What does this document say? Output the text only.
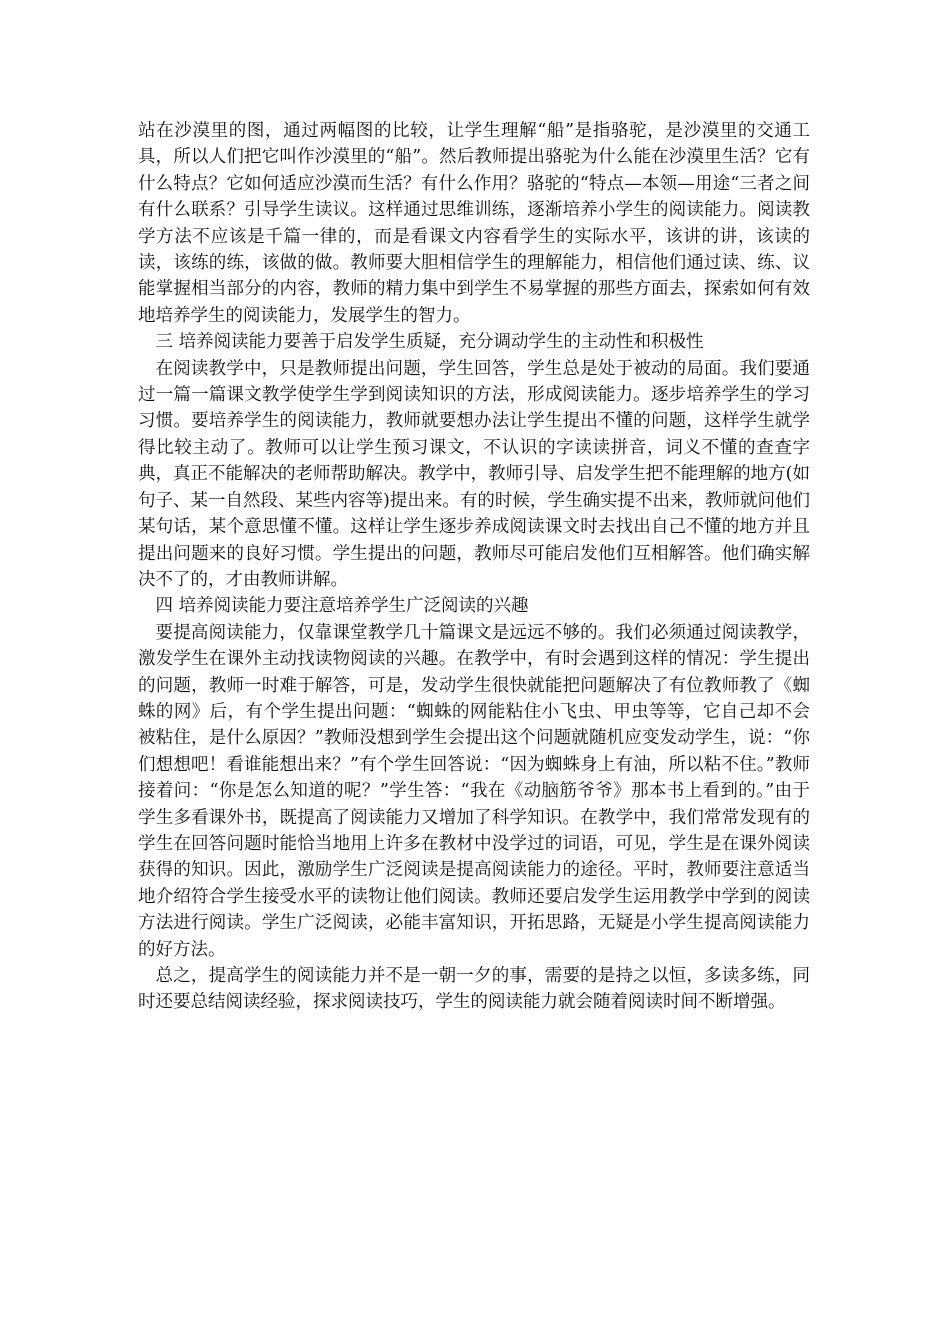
站在沙漠里的图，通过两幅图的比较，让学生理解“船”是指骆驼，是沙漠里的交通工具，所以人们把它叫作沙漠里的“船”。然后教师提出骆驼为什么能在沙漠里生活？它有什么特点？它如何适应沙漠而生活？有什么作用？骆驼的“特点—本领—用途“三者之间有什么联系？引导学生读议。这样通过思维训练，逐渐培养小学生的阅读能力。阅读教学方法不应该是千篇一律的，而是看课文内容看学生的实际水平，该讲的讲，该读的读，该练的练，该做的做。教师要大胆相信学生的理解能力，相信他们通过读、练、议能掌握相当部分的内容，教师的精力集中到学生不易掌握的那些方面去，探索如何有效地培养学生的阅读能力，发展学生的智力。

三 培养阅读能力要善于启发学生质疑，充分调动学生的主动性和积极性

在阅读教学中，只是教师提出问题，学生回答，学生总是处于被动的局面。我们要通过一篇一篇课文教学使学生学到阅读知识的方法，形成阅读能力。逐步培养学生的学习习惯。要培养学生的阅读能力，教师就要想办法让学生提出不懂的问题，这样学生就学得比较主动了。教师可以让学生预习课文，不认识的字读读拼音，词义不懂的查查字典，真正不能解决的老师帮助解决。教学中，教师引导、启发学生把不能理解的地方(如句子、某一自然段、某些内容等)提出来。有的时候，学生确实提不出来，教师就问他们某句话，某个意思懂不懂。这样让学生逐步养成阅读课文时去找出自己不懂的地方并且提出问题来的良好习惯。学生提出的问题，教师尽可能启发他们互相解答。他们确实解决不了的，才由教师讲解。

四 培养阅读能力要注意培养学生广泛阅读的兴趣

要提高阅读能力，仅靠课堂教学几十篇课文是远远不够的。我们必须通过阅读教学，激发学生在课外主动找读物阅读的兴趣。在教学中，有时会遇到这样的情况：学生提出的问题，教师一时难于解答，可是，发动学生很快就能把问题解决了有位教师教了《蜘蛛的网》后，有个学生提出问题：“蜘蛛的网能粘住小飞虫、甲虫等等，它自己却不会被粘住，是什么原因？”教师没想到学生会提出这个问题就随机应变发动学生，说：“你们想想吧！看谁能想出来？”有个学生回答说：“因为蜘蛛身上有油，所以粘不住。”教师接着问：“你是怎么知道的呢？”学生答：“我在《动脑筋爷爷》那本书上看到的。”由于学生多看课外书，既提高了阅读能力又增加了科学知识。在教学中，我们常常发现有的学生在回答问题时能恰当地用上许多在教材中没学过的词语，可见，学生是在课外阅读获得的知识。因此，激励学生广泛阅读是提高阅读能力的途径。平时，教师要注意适当地介绍符合学生接受水平的读物让他们阅读。教师还要启发学生运用教学中学到的阅读方法进行阅读。学生广泛阅读，必能丰富知识，开拓思路，无疑是小学生提高阅读能力的好方法。

总之，提高学生的阅读能力并不是一朝一夕的事，需要的是持之以恒，多读多练，同时还要总结阅读经验，探求阅读技巧，学生的阅读能力就会随着阅读时间不断增强。
